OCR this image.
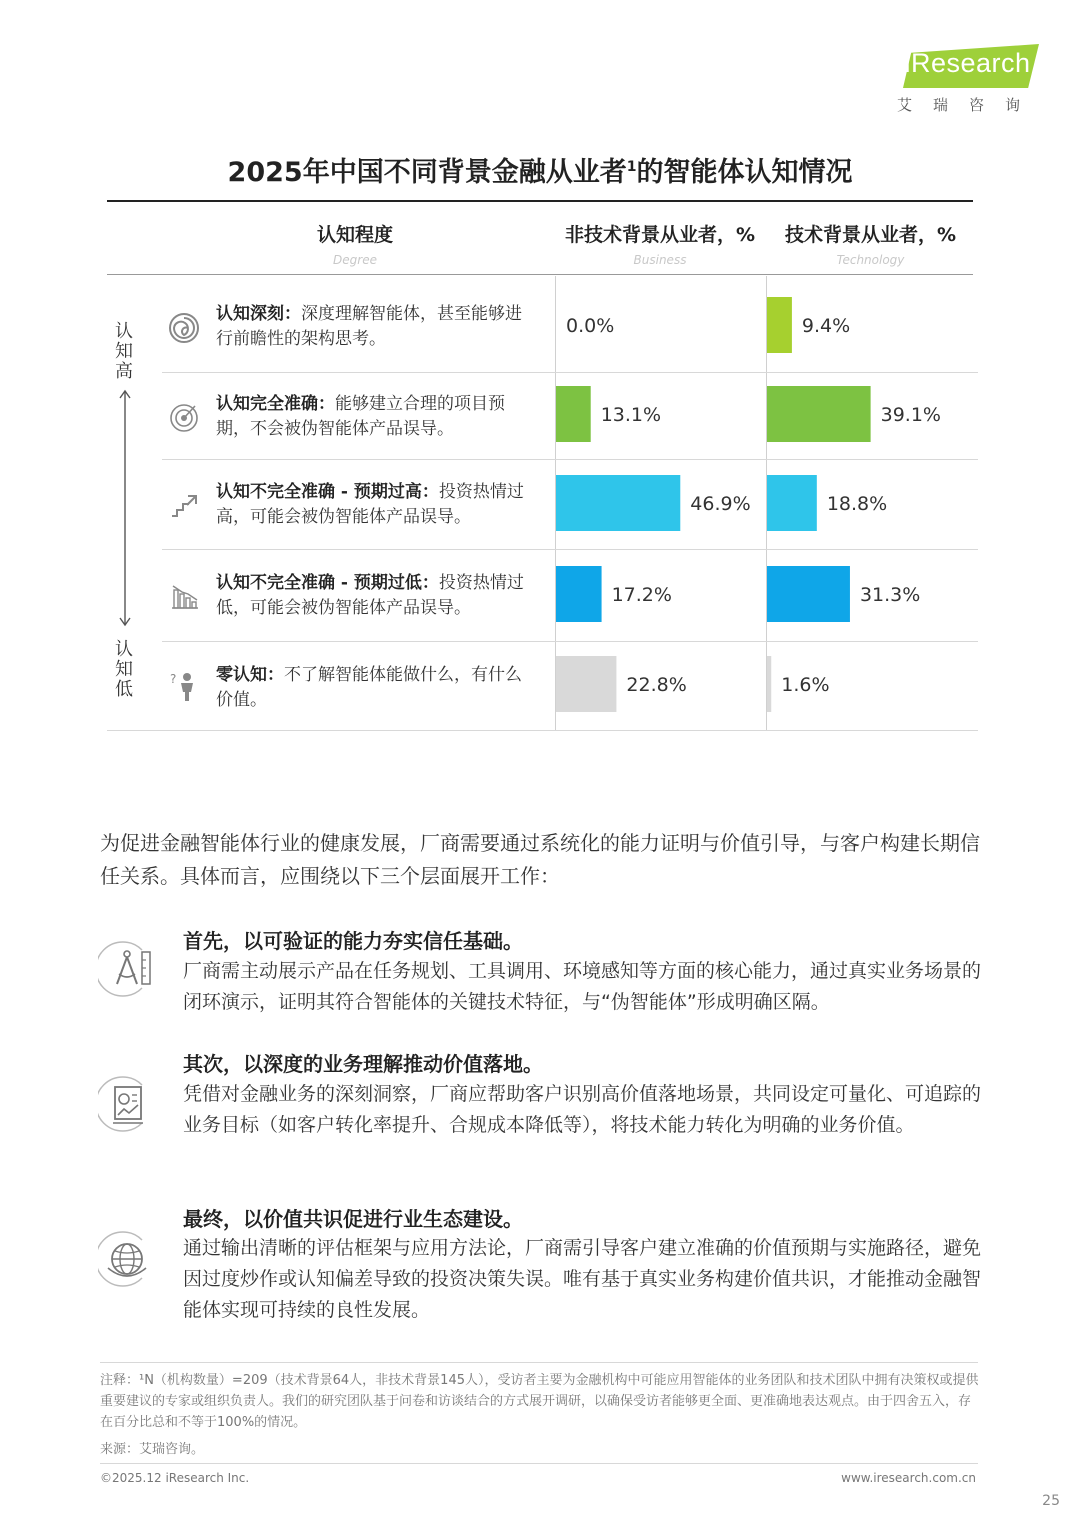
iResearch
艾瑞咨询
2025年中国不同背景金融从业者$^1$的智能体认知情况
认知程度
Degree
非技术背景从业者，%
Business
技术背景从业者，%
Technology
认知高
认知低	?
认知深刻：深度理解智能体，甚至能够进行前瞻性的架构思考。
认知完全准确：能够建立合理的项目预期，不会被伪智能体产品误导。
认知不完全准确 - 预期过高：投资热情过高，可能会被伪智能体产品误导。
认知不完全准确 - 预期过低：投资热情过低，可能会被伪智能体产品误导。
零认知：不了解智能体能做什么，有什么价值。
0.0%
13.1%
46.9%
17.2%
22.8%
9.4%
39.1%
18.8%
31.3%
1.6%
为促进金融智能体行业的健康发展，厂商需要通过系统化的能力证明与价值引导，与客户构建长期信任关系。具体而言，应围绕以下三个层面展开工作：
首先，以可验证的能力夯实信任基础。
厂商需主动展示产品在任务规划、工具调用、环境感知等方面的核心能力，通过真实业务场景的闭环演示，证明其符合智能体的关键技术特征，与“伪智能体”形成明确区隔。
其次，以深度的业务理解推动价值落地。
凭借对金融业务的深刻洞察，厂商应帮助客户识别高价值落地场景，共同设定可量化、可追踪的业务目标（如客户转化率提升、合规成本降低等），将技术能力转化为明确的业务价值。
最终，以价值共识促进行业生态建设。
通过输出清晰的评估框架与应用方法论，厂商需引导客户建立准确的价值预期与实施路径，避免因过度炒作或认知偏差导致的投资决策失误。唯有基于真实业务构建价值共识，才能推动金融智能体实现可持续的良性发展。
注释：¹N（机构数量）=209（技术背景64人，非技术背景145人），受访者主要为金融机构中可能应用智能体的业务团队和技术团队中拥有决策权或提供重要建议的专家或组织负责人。我们的研究团队基于问卷和访谈结合的方式展开调研，以确保受访者能够更全面、更准确地表达观点。由于四舍五入，存在百分比总和不等于100%的情况。
来源：艾瑞咨询。
©2025.12 iResearch Inc.	www.iresearch.com.cn
25
